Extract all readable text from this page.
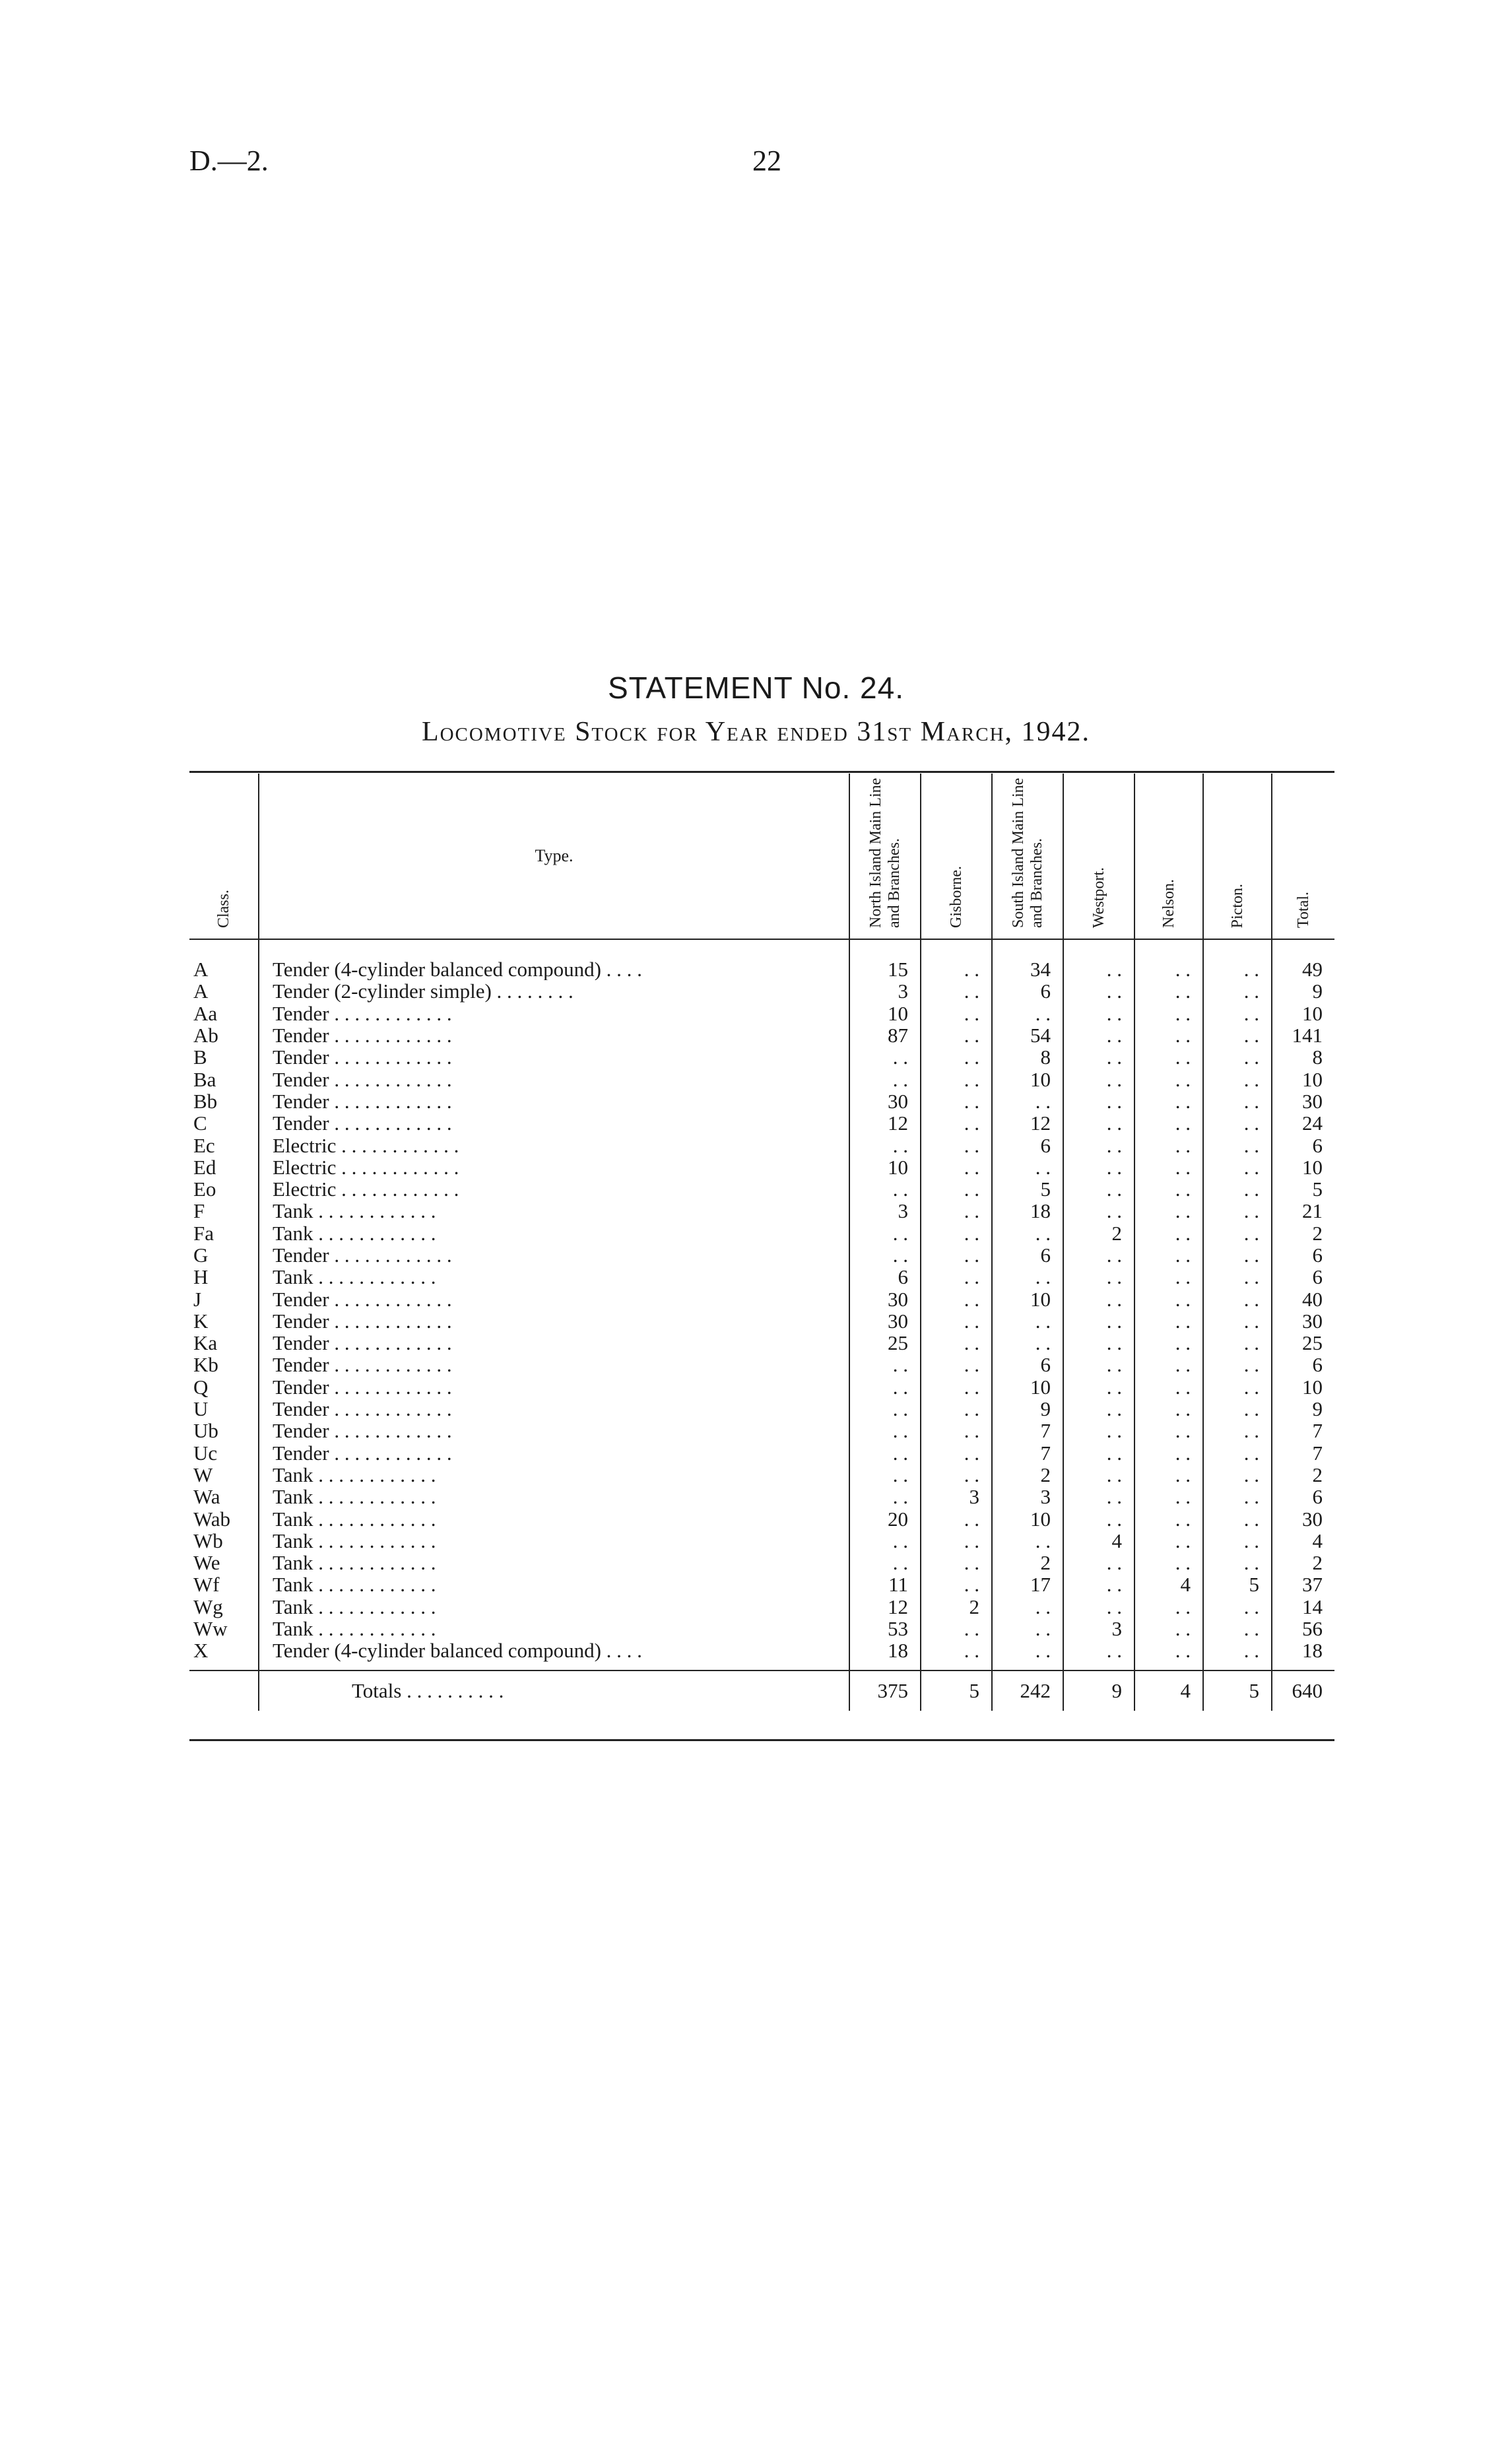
D.—2.	22
STATEMENT No. 24.
Locomotive Stock for Year ended 31st March, 1942.
Class.	Type.	North Island Main Line and Branches.	Gisborne.	South Island Main Line and Branches.	Westport.	Nelson.	Picton.	Total.
A	Tender (4-cylinder balanced compound) . . . .	15	. .	34	. .	. .	. .	49
A	Tender (2-cylinder simple) . . . . . . . .	3	. .	6	. .	. .	. .	9
Aa	Tender . . . . . . . . . . . .	10	. .	. .	. .	. .	. .	10
Ab	Tender . . . . . . . . . . . .	87	. .	54	. .	. .	. .	141
B	Tender . . . . . . . . . . . .	. .	. .	8	. .	. .	. .	8
Ba	Tender . . . . . . . . . . . .	. .	. .	10	. .	. .	. .	10
Bb	Tender . . . . . . . . . . . .	30	. .	. .	. .	. .	. .	30
C	Tender . . . . . . . . . . . .	12	. .	12	. .	. .	. .	24
Ec	Electric . . . . . . . . . . . .	. .	. .	6	. .	. .	. .	6
Ed	Electric . . . . . . . . . . . .	10	. .	. .	. .	. .	. .	10
Eo	Electric . . . . . . . . . . . .	. .	. .	5	. .	. .	. .	5
F	Tank . . . . . . . . . . . .	3	. .	18	. .	. .	. .	21
Fa	Tank . . . . . . . . . . . .	. .	. .	. .	2	. .	. .	2
G	Tender . . . . . . . . . . . .	. .	. .	6	. .	. .	. .	6
H	Tank . . . . . . . . . . . .	6	. .	. .	. .	. .	. .	6
J	Tender . . . . . . . . . . . .	30	. .	10	. .	. .	. .	40
K	Tender . . . . . . . . . . . .	30	. .	. .	. .	. .	. .	30
Ka	Tender . . . . . . . . . . . .	25	. .	. .	. .	. .	. .	25
Kb	Tender . . . . . . . . . . . .	. .	. .	6	. .	. .	. .	6
Q	Tender . . . . . . . . . . . .	. .	. .	10	. .	. .	. .	10
U	Tender . . . . . . . . . . . .	. .	. .	9	. .	. .	. .	9
Ub	Tender . . . . . . . . . . . .	. .	. .	7	. .	. .	. .	7
Uc	Tender . . . . . . . . . . . .	. .	. .	7	. .	. .	. .	7
W	Tank . . . . . . . . . . . .	. .	. .	2	. .	. .	. .	2
Wa	Tank . . . . . . . . . . . .	. .	3	3	. .	. .	. .	6
Wab	Tank . . . . . . . . . . . .	20	. .	10	. .	. .	. .	30
Wb	Tank . . . . . . . . . . . .	. .	. .	. .	4	. .	. .	4
We	Tank . . . . . . . . . . . .	. .	. .	2	. .	. .	. .	2
Wf	Tank . . . . . . . . . . . .	11	. .	17	. .	4	5	37
Wg	Tank . . . . . . . . . . . .	12	2	. .	. .	. .	. .	14
Ww	Tank . . . . . . . . . . . .	53	. .	. .	3	. .	. .	56
X	Tender (4-cylinder balanced compound) . . . .	18	. .	. .	. .	. .	. .	18
	Totals . . . . . . . . . .	375	5	242	9	4	5	640
